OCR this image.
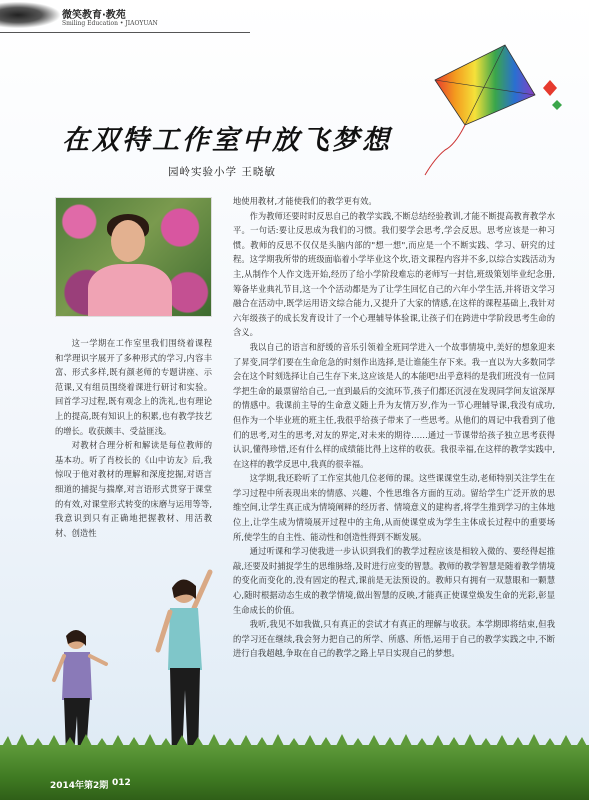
微笑教育·教苑
Smiling Education • JIAOYUAN
在双特工作室中放飞梦想
园岭实验小学 王晓敏

这一学期在工作室里我们围绕着课程和学理识字展开了多种形式的学习,内容丰富、形式多样,既有颜老师的专题讲座、示范课,又有组员围绕着课进行研讨和实验。回首学习过程,既有观念上的洗礼,也有理论上的提高,既有知识上的积累,也有教学技艺的增长。收获颇丰、受益匪浅。

对教材合理分析和解读是每位教师的基本功。听了肖校长的《山中访友》后,我惊叹于他对教材的理解和深度挖掘,对语言细道的捕捉与揣摩,对言语形式贯穿于课堂的有效,对课堂形式转变的床磨与运用等等,我意识到只有正确地把握教材、用活教材、创造性

地使用教材,才能使我们的教学更有效。

作为教师还要时时反思自己的教学实践,不断总结经验教训,才能不断提高教育教学水平。一句话:要让反思成为我们的习惯。我们要学会思考,学会反思。思考应该是一种习惯。教师的反思不仅仅是头脑内部的"想一想",而应是一个不断实践、学习、研究的过程。这学期我所带的班级面临着小学毕业这个坎,语文课程内容并不多,以综合实践活动为主,从制作个人作文选开始,经历了给小学阶段难忘的老师写一封信,班级策划毕业纪念册,筹备毕业典礼节目,这一个个活动都是为了让学生回忆自己的六年小学生活,并将语文学习融合在活动中,既学运用语文综合能力,又提升了大家的情感,在这样的课程基础上,我针对六年级孩子的成长发育设计了一个心理辅导体验课,让孩子们在跨进中学阶段思考生命的含义。

我以自己的语言和舒缓的音乐引领着全班同学进入一个故事情境中,美好的想象迎来了昇变,同学们要在生命危急的时刻作出选择,是让谁能生存下来。我一直以为大多数同学会在这个时刻选择让自己生存下来,这应该是人的本能吧!出乎意料的是我们班没有一位同学把生命的最票留给自己,一直到最后的交流环节,孩子们都还沉浸在发现同学间友谊深厚的情感中。我课前主导的生命意义随上升为友情万岁,作为一节心理辅导课,我没有成功,但作为一个毕业班的班主任,我很乎给孩子带来了一些思考。从他们的周记中我看到了他们的思考,对生的思考,对友的界定,对未来的期待……通过一节课带给孩子独立思考获得认识,懂得珍惜,还有什么样的成绩能比得上这样的收获。我很幸福,在这样的教学实践中,在这样的教学反思中,我真的很幸福。

这学期,我还聆听了工作室其他几位老师的课。这些课课堂生动,老师特别关注学生在学习过程中所表现出来的情感、兴趣、个性思维各方面的互动。留给学生广泛开放的思维空间,让学生真正成为情境阐释的经历者、情境意义的建构者,将学生推到学习的主体地位上,让学生成为情境展开过程中的主角,从而使课堂成为学生主体成长过程中的重要场所,使学生的自主性、能动性和创造性得到不断发展。

通过听课和学习使我进一步认识到我们的教学过程应该是相较入微的、要经得起推敲,还要及时捕捉学生的思维脉络,及时进行应变的智慧。教师的教学智慧是随着教学情境的变化而变化的,没有固定的程式,课前是无法预设的。教师只有拥有一双慧眼和一颗慧心,随时根据动态生成的教学情境,做出智慧的反映,才能真正使课堂焕发生命的光彩,彰显生命成长的价值。

我听,我见不如我做,只有真正的尝试才有真正的理解与收获。本学期即将结束,但我的学习还在继续,我会努力把自己的所学、所感、所悟,运用于自己的教学实践之中,不断进行自我超越,争取在自己的教学之路上早日实现自己的梦想。

2014年第2期 012
